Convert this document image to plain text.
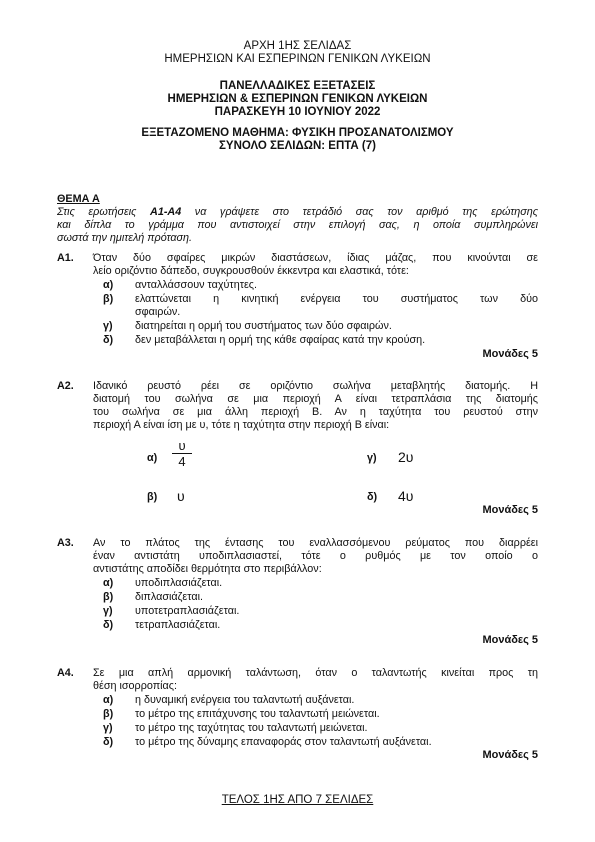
ΑΡΧΗ 1ΗΣ ΣΕΛΙΔΑΣ
ΗΜΕΡΗΣΙΩΝ ΚΑΙ ΕΣΠΕΡΙΝΩΝ ΓΕΝΙΚΩΝ ΛΥΚΕΙΩΝ
ΠΑΝΕΛΛΑΔΙΚΕΣ ΕΞΕΤΑΣΕΙΣ
ΗΜΕΡΗΣΙΩΝ & ΕΣΠΕΡΙΝΩΝ ΓΕΝΙΚΩΝ ΛΥΚΕΙΩΝ
ΠΑΡΑΣΚΕΥΗ 10 ΙΟΥΝΙΟΥ 2022
ΕΞΕΤΑΖΟΜΕΝΟ ΜΑΘΗΜΑ: ΦΥΣΙΚΗ ΠΡΟΣΑΝΑΤΟΛΙΣΜΟΥ
ΣΥΝΟΛΟ ΣΕΛΙΔΩΝ: ΕΠΤΑ (7)
ΘΕΜΑ Α
Στις ερωτήσεις Α1-Α4 να γράψετε στο τετράδιό σας τον αριθμό της ερώτησης
και δίπλα το γράμμα που αντιστοιχεί στην επιλογή σας, η οποία συμπληρώνει
σωστά την ημιτελή πρόταση.
Α1. Όταν δύο σφαίρες μικρών διαστάσεων, ίδιας μάζας, που κινούνται σε
λείο οριζόντιο δάπεδο, συγκρουσθούν έκκεντρα και ελαστικά, τότε:
α) ανταλλάσσουν ταχύτητες.
β) ελαττώνεται η κινητική ενέργεια του συστήματος των δύο
σφαιρών.
γ) διατηρείται η ορμή του συστήματος των δύο σφαιρών.
δ) δεν μεταβάλλεται η ορμή της κάθε σφαίρας κατά την κρούση.
Μονάδες 5
Α2. Ιδανικό ρευστό ρέει σε οριζόντιο σωλήνα μεταβλητής διατομής. Η
διατομή του σωλήνα σε μια περιοχή Α είναι τετραπλάσια της διατομής
του σωλήνα σε μια άλλη περιοχή Β. Αν η ταχύτητα του ρευστού στην
περιοχή Α είναι ίση με υ, τότε η ταχύτητα στην περιοχή Β είναι:
$\alpha) \frac{\upsilon}{4}$	γ) 2υ
β) υ	δ) 4υ
Μονάδες 5
Α3. Αν το πλάτος της έντασης του εναλλασσόμενου ρεύματος που διαρρέει
έναν αντιστάτη υποδιπλασιαστεί, τότε ο ρυθμός με τον οποίο ο
αντιστάτης αποδίδει θερμότητα στο περιβάλλον:
α) υποδιπλασιάζεται.
β) διπλασιάζεται.
γ) υποτετραπλασιάζεται.
δ) τετραπλασιάζεται.
Μονάδες 5
Α4. Σε μια απλή αρμονική ταλάντωση, όταν ο ταλαντωτής κινείται προς τη
θέση ισορροπίας:
α) η δυναμική ενέργεια του ταλαντωτή αυξάνεται.
β) το μέτρο της επιτάχυνσης του ταλαντωτή μειώνεται.
γ) το μέτρο της ταχύτητας του ταλαντωτή μειώνεται.
δ) το μέτρο της δύναμης επαναφοράς στον ταλαντωτή αυξάνεται.
Μονάδες 5
ΤΕΛΟΣ 1ΗΣ ΑΠΟ 7 ΣΕΛΙΔΕΣ
